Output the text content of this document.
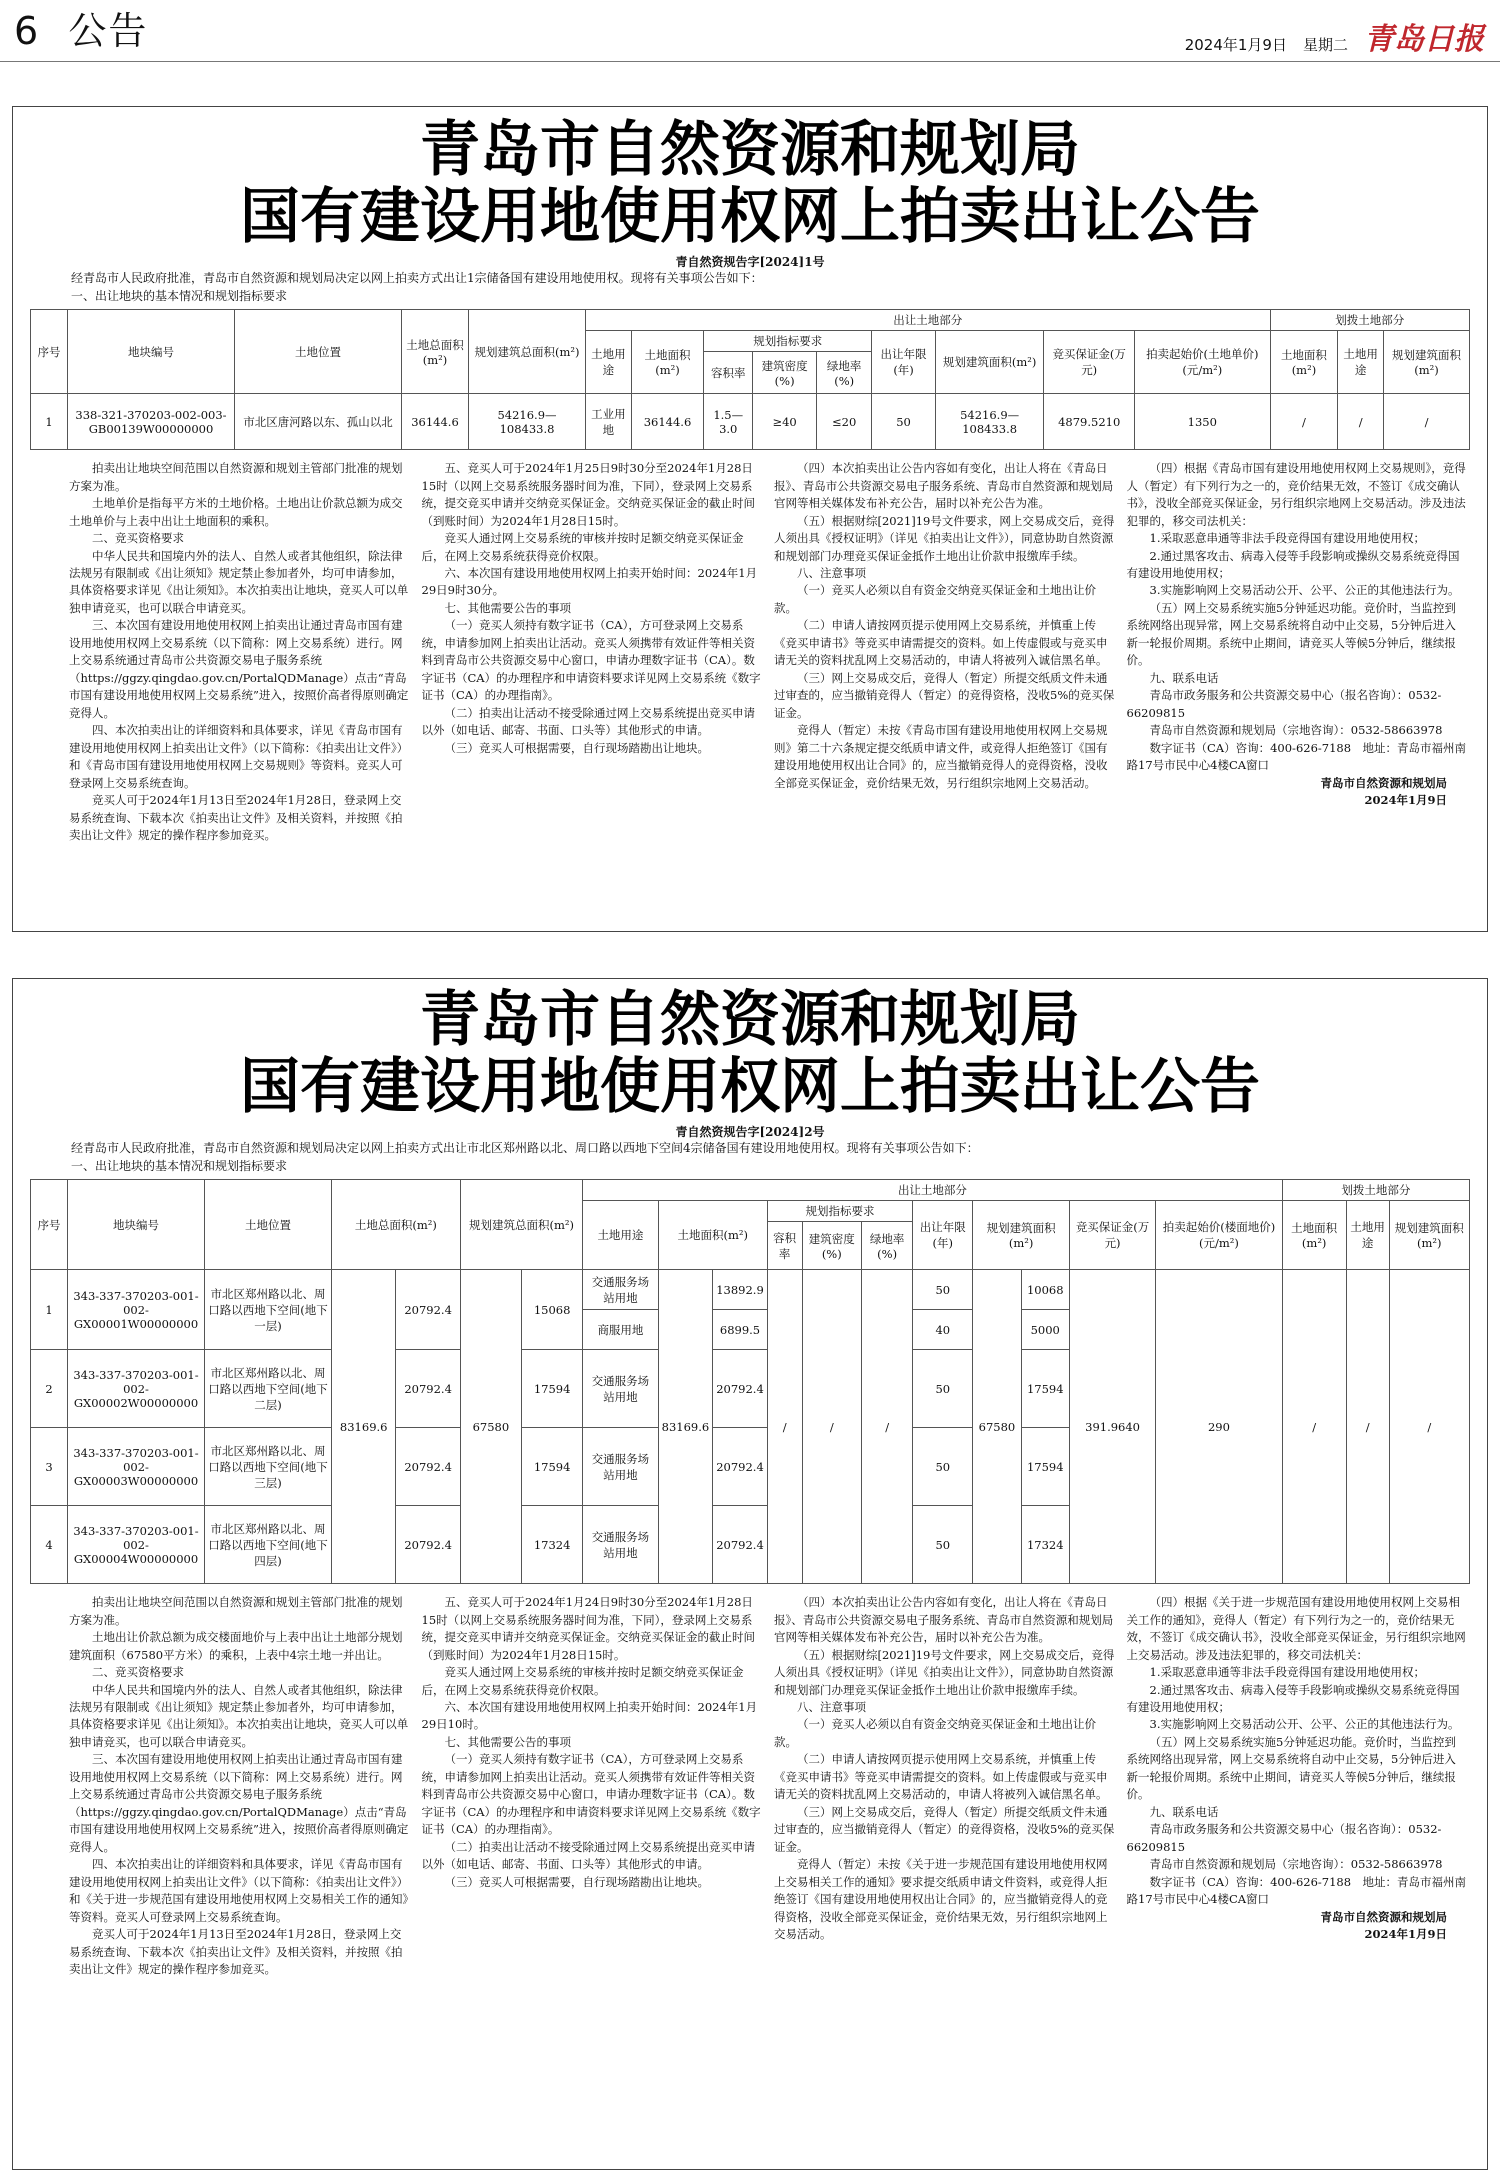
6 公告	2024年1月9日 星期二 青岛日报
青岛市自然资源和规划局
国有建设用地使用权网上拍卖出让公告
青自然资规告字[2024]1号
经青岛市人民政府批准，青岛市自然资源和规划局决定以网上拍卖方式出让1宗储备国有建设用地使用权。现将有关事项公告如下：
一、出让地块的基本情况和规划指标要求
序号	地块编号	土地位置	土地总面积(m²)	规划建筑总面积(m²)	出让土地部分									划拨土地部分		
					土地用途	土地面积(m²)	规划指标要求			出让年限(年)	规划建筑面积(m²)	竞买保证金(万元)	拍卖起始价(土地单价)(元/m²)	土地面积(m²)	土地用途	规划建筑面积(m²)
							容积率	建筑密度(%)	绿地率(%)							
1	338-321-370203-002-003-GB00139W00000000	市北区唐河路以东、孤山以北	36144.6	54216.9—108433.8	工业用地	36144.6	1.5—3.0	≥40	≤20	50	54216.9—108433.8	4879.5210	1350	/	/	/

拍卖出让地块空间范围以自然资源和规划主管部门批准的规划方案为准。

土地单价是指每平方米的土地价格。土地出让价款总额为成交土地单价与上表中出让土地面积的乘积。

二、竞买资格要求

中华人民共和国境内外的法人、自然人或者其他组织，除法律法规另有限制或《出让须知》规定禁止参加者外，均可申请参加，具体资格要求详见《出让须知》。本次拍卖出让地块，竞买人可以单独申请竞买，也可以联合申请竞买。

三、本次国有建设用地使用权网上拍卖出让通过青岛市国有建设用地使用权网上交易系统（以下简称：网上交易系统）进行。网上交易系统通过青岛市公共资源交易电子服务系统（https://ggzy.qingdao.gov.cn/PortalQDManage）点击“青岛市国有建设用地使用权网上交易系统”进入，按照价高者得原则确定竞得人。

四、本次拍卖出让的详细资料和具体要求，详见《青岛市国有建设用地使用权网上拍卖出让文件》（以下简称：《拍卖出让文件》）和《青岛市国有建设用地使用权网上交易规则》等资料。竞买人可登录网上交易系统查询。

竞买人可于2024年1月13日至2024年1月28日，登录网上交易系统查询、下载本次《拍卖出让文件》及相关资料，并按照《拍卖出让文件》规定的操作程序参加竞买。

五、竞买人可于2024年1月25日9时30分至2024年1月28日15时（以网上交易系统服务器时间为准，下同），登录网上交易系统，提交竞买申请并交纳竞买保证金。交纳竞买保证金的截止时间（到账时间）为2024年1月28日15时。

竞买人通过网上交易系统的审核并按时足额交纳竞买保证金后，在网上交易系统获得竞价权限。

六、本次国有建设用地使用权网上拍卖开始时间：2024年1月29日9时30分。

七、其他需要公告的事项

（一）竞买人须持有数字证书（CA），方可登录网上交易系统，申请参加网上拍卖出让活动。竞买人须携带有效证件等相关资料到青岛市公共资源交易中心窗口，申请办理数字证书（CA）。数字证书（CA）的办理程序和申请资料要求详见网上交易系统《数字证书（CA）的办理指南》。

（二）拍卖出让活动不接受除通过网上交易系统提出竞买申请以外（如电话、邮寄、书面、口头等）其他形式的申请。

（三）竞买人可根据需要，自行现场踏勘出让地块。

（四）本次拍卖出让公告内容如有变化，出让人将在《青岛日报》、青岛市公共资源交易电子服务系统、青岛市自然资源和规划局官网等相关媒体发布补充公告，届时以补充公告为准。

（五）根据财综[2021]19号文件要求，网上交易成交后，竞得人须出具《授权证明》（详见《拍卖出让文件》），同意协助自然资源和规划部门办理竞买保证金抵作土地出让价款申报缴库手续。

八、注意事项

（一）竞买人必须以自有资金交纳竞买保证金和土地出让价款。

（二）申请人请按网页提示使用网上交易系统，并慎重上传《竞买申请书》等竞买申请需提交的资料。如上传虚假或与竞买申请无关的资料扰乱网上交易活动的，申请人将被列入诚信黑名单。

（三）网上交易成交后，竞得人（暂定）所提交纸质文件未通过审查的，应当撤销竞得人（暂定）的竞得资格，没收5%的竞买保证金。

竞得人（暂定）未按《青岛市国有建设用地使用权网上交易规则》第二十六条规定提交纸质申请文件，或竞得人拒绝签订《国有建设用地使用权出让合同》的，应当撤销竞得人的竞得资格，没收全部竞买保证金，竞价结果无效，另行组织宗地网上交易活动。

（四）根据《青岛市国有建设用地使用权网上交易规则》，竞得人（暂定）有下列行为之一的，竞价结果无效，不签订《成交确认书》，没收全部竞买保证金，另行组织宗地网上交易活动。涉及违法犯罪的，移交司法机关：

1.采取恶意串通等非法手段竞得国有建设用地使用权；

2.通过黑客攻击、病毒入侵等手段影响或操纵交易系统竞得国有建设用地使用权；

3.实施影响网上交易活动公开、公平、公正的其他违法行为。

（五）网上交易系统实施5分钟延迟功能。竞价时，当监控到系统网络出现异常，网上交易系统将自动中止交易，5分钟后进入新一轮报价周期。系统中止期间，请竞买人等候5分钟后，继续报价。

九、联系电话

青岛市政务服务和公共资源交易中心（报名咨询）：0532-66209815

青岛市自然资源和规划局（宗地咨询）：0532-58663978

数字证书（CA）咨询：400-626-7188　地址：青岛市福州南路17号市民中心4楼CA窗口

青岛市自然资源和规划局

2024年1月9日

青岛市自然资源和规划局
国有建设用地使用权网上拍卖出让公告
青自然资规告字[2024]2号
经青岛市人民政府批准，青岛市自然资源和规划局决定以网上拍卖方式出让市北区郑州路以北、周口路以西地下空间4宗储备国有建设用地使用权。现将有关事项公告如下：
一、出让地块的基本情况和规划指标要求
序号	地块编号	土地位置	土地总面积(m²)		规划建筑总面积(m²)		出让土地部分											划拨土地部分		
							土地用途	土地面积(m²)		规划指标要求			出让年限(年)	规划建筑面积(m²)		竞买保证金(万元)	拍卖起始价(楼面地价)(元/m²)	土地面积(m²)	土地用途	规划建筑面积(m²)
										容积率	建筑密度(%)	绿地率(%)								
1	343-337-370203-001-002-GX00001W00000000	市北区郑州路以北、周口路以西地下空间(地下一层)	83169.6	20792.4	67580	15068	交通服务场站用地	83169.6	13892.9	/	/	/	50	67580	10068	391.9640	290	/	/	/
							商服用地		6899.5				40		5000					
2	343-337-370203-001-002-GX00002W00000000	市北区郑州路以北、周口路以西地下空间(地下二层)		20792.4		17594	交通服务场站用地		20792.4				50		17594					
3	343-337-370203-001-002-GX00003W00000000	市北区郑州路以北、周口路以西地下空间(地下三层)		20792.4		17594	交通服务场站用地		20792.4				50		17594					
4	343-337-370203-001-002-GX00004W00000000	市北区郑州路以北、周口路以西地下空间(地下四层)		20792.4		17324	交通服务场站用地		20792.4				50		17324					

拍卖出让地块空间范围以自然资源和规划主管部门批准的规划方案为准。

土地出让价款总额为成交楼面地价与上表中出让土地部分规划建筑面积（67580平方米）的乘积，上表中4宗土地一并出让。

二、竞买资格要求

中华人民共和国境内外的法人、自然人或者其他组织，除法律法规另有限制或《出让须知》规定禁止参加者外，均可申请参加，具体资格要求详见《出让须知》。本次拍卖出让地块，竞买人可以单独申请竞买，也可以联合申请竞买。

三、本次国有建设用地使用权网上拍卖出让通过青岛市国有建设用地使用权网上交易系统（以下简称：网上交易系统）进行。网上交易系统通过青岛市公共资源交易电子服务系统（https://ggzy.qingdao.gov.cn/PortalQDManage）点击“青岛市国有建设用地使用权网上交易系统”进入，按照价高者得原则确定竞得人。

四、本次拍卖出让的详细资料和具体要求，详见《青岛市国有建设用地使用权网上拍卖出让文件》（以下简称：《拍卖出让文件》）和《关于进一步规范国有建设用地使用权网上交易相关工作的通知》等资料。竞买人可登录网上交易系统查询。

竞买人可于2024年1月13日至2024年1月28日，登录网上交易系统查询、下载本次《拍卖出让文件》及相关资料，并按照《拍卖出让文件》规定的操作程序参加竞买。

五、竞买人可于2024年1月24日9时30分至2024年1月28日15时（以网上交易系统服务器时间为准，下同），登录网上交易系统，提交竞买申请并交纳竞买保证金。交纳竞买保证金的截止时间（到账时间）为2024年1月28日15时。

竞买人通过网上交易系统的审核并按时足额交纳竞买保证金后，在网上交易系统获得竞价权限。

六、本次国有建设用地使用权网上拍卖开始时间：2024年1月29日10时。

七、其他需要公告的事项

（一）竞买人须持有数字证书（CA），方可登录网上交易系统，申请参加网上拍卖出让活动。竞买人须携带有效证件等相关资料到青岛市公共资源交易中心窗口，申请办理数字证书（CA）。数字证书（CA）的办理程序和申请资料要求详见网上交易系统《数字证书（CA）的办理指南》。

（二）拍卖出让活动不接受除通过网上交易系统提出竞买申请以外（如电话、邮寄、书面、口头等）其他形式的申请。

（三）竞买人可根据需要，自行现场踏勘出让地块。

（四）本次拍卖出让公告内容如有变化，出让人将在《青岛日报》、青岛市公共资源交易电子服务系统、青岛市自然资源和规划局官网等相关媒体发布补充公告，届时以补充公告为准。

（五）根据财综[2021]19号文件要求，网上交易成交后，竞得人须出具《授权证明》（详见《拍卖出让文件》），同意协助自然资源和规划部门办理竞买保证金抵作土地出让价款申报缴库手续。

八、注意事项

（一）竞买人必须以自有资金交纳竞买保证金和土地出让价款。

（二）申请人请按网页提示使用网上交易系统，并慎重上传《竞买申请书》等竞买申请需提交的资料。如上传虚假或与竞买申请无关的资料扰乱网上交易活动的，申请人将被列入诚信黑名单。

（三）网上交易成交后，竞得人（暂定）所提交纸质文件未通过审查的，应当撤销竞得人（暂定）的竞得资格，没收5%的竞买保证金。

竞得人（暂定）未按《关于进一步规范国有建设用地使用权网上交易相关工作的通知》要求提交纸质申请文件资料，或竞得人拒绝签订《国有建设用地使用权出让合同》的，应当撤销竞得人的竞得资格，没收全部竞买保证金，竞价结果无效，另行组织宗地网上交易活动。

（四）根据《关于进一步规范国有建设用地使用权网上交易相关工作的通知》，竞得人（暂定）有下列行为之一的，竞价结果无效，不签订《成交确认书》，没收全部竞买保证金，另行组织宗地网上交易活动。涉及违法犯罪的，移交司法机关：

1.采取恶意串通等非法手段竞得国有建设用地使用权；

2.通过黑客攻击、病毒入侵等手段影响或操纵交易系统竞得国有建设用地使用权；

3.实施影响网上交易活动公开、公平、公正的其他违法行为。

（五）网上交易系统实施5分钟延迟功能。竞价时，当监控到系统网络出现异常，网上交易系统将自动中止交易，5分钟后进入新一轮报价周期。系统中止期间，请竞买人等候5分钟后，继续报价。

九、联系电话

青岛市政务服务和公共资源交易中心（报名咨询）：0532-66209815

青岛市自然资源和规划局（宗地咨询）：0532-58663978

数字证书（CA）咨询：400-626-7188　地址：青岛市福州南路17号市民中心4楼CA窗口

青岛市自然资源和规划局

2024年1月9日
